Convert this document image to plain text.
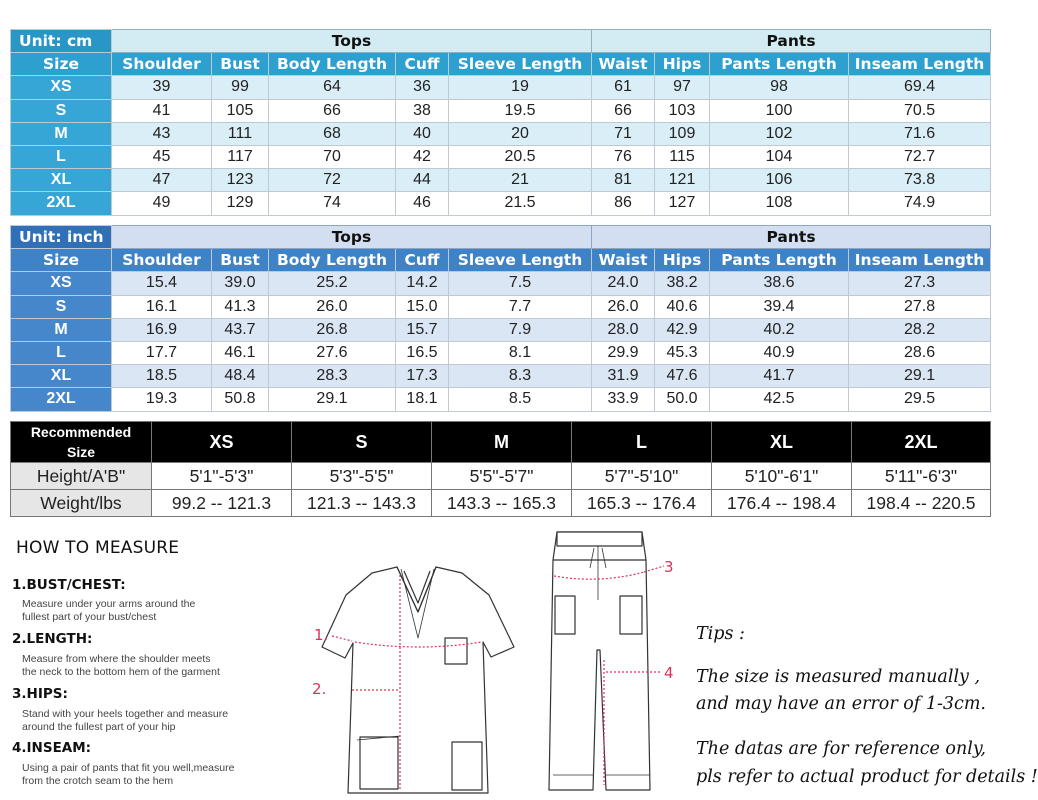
Unit: cm	Tops					Pants			
Size	Shoulder	Bust	Body Length	Cuff	Sleeve Length	Waist	Hips	Pants Length	Inseam Length
XS	39	99	64	36	19	61	97	98	69.4
S	41	105	66	38	19.5	66	103	100	70.5
M	43	111	68	40	20	71	109	102	71.6
L	45	117	70	42	20.5	76	115	104	72.7
XL	47	123	72	44	21	81	121	106	73.8
2XL	49	129	74	46	21.5	86	127	108	74.9
Unit: inch	Tops					Pants			
Size	Shoulder	Bust	Body Length	Cuff	Sleeve Length	Waist	Hips	Pants Length	Inseam Length
XS	15.4	39.0	25.2	14.2	7.5	24.0	38.2	38.6	27.3
S	16.1	41.3	26.0	15.0	7.7	26.0	40.6	39.4	27.8
M	16.9	43.7	26.8	15.7	7.9	28.0	42.9	40.2	28.2
L	17.7	46.1	27.6	16.5	8.1	29.9	45.3	40.9	28.6
XL	18.5	48.4	28.3	17.3	8.3	31.9	47.6	41.7	29.1
2XL	19.3	50.8	29.1	18.1	8.5	33.9	50.0	42.5	29.5
Recommended
Size	XS	S	M	L	XL	2XL
Height/A'B"	5'1"-5'3"	5'3"-5'5"	5'5"-5'7"	5'7"-5'10"	5'10"-6'1"	5'11"-6'3"
Weight/lbs	99.2 -- 121.3	121.3 -- 143.3	143.3 -- 165.3	165.3 -- 176.4	176.4 -- 198.4	198.4 -- 220.5
HOW TO MEASURE
1.BUST/CHEST:
Measure under your arms around the
fullest part of your bust/chest
2.LENGTH:
Measure from where the shoulder meets
the neck to the bottom hem of the garment
3.HIPS:
Stand with your heels together and measure
around the fullest part of your hip
4.INSEAM:
Using a pair of pants that fit you well,measure
from the crotch seam to the hem
1.
2.
3
4
Tips :
The size is measured manually ,
and may have an error of 1-3cm.
The datas are for reference only,
pls refer to actual product for details !
